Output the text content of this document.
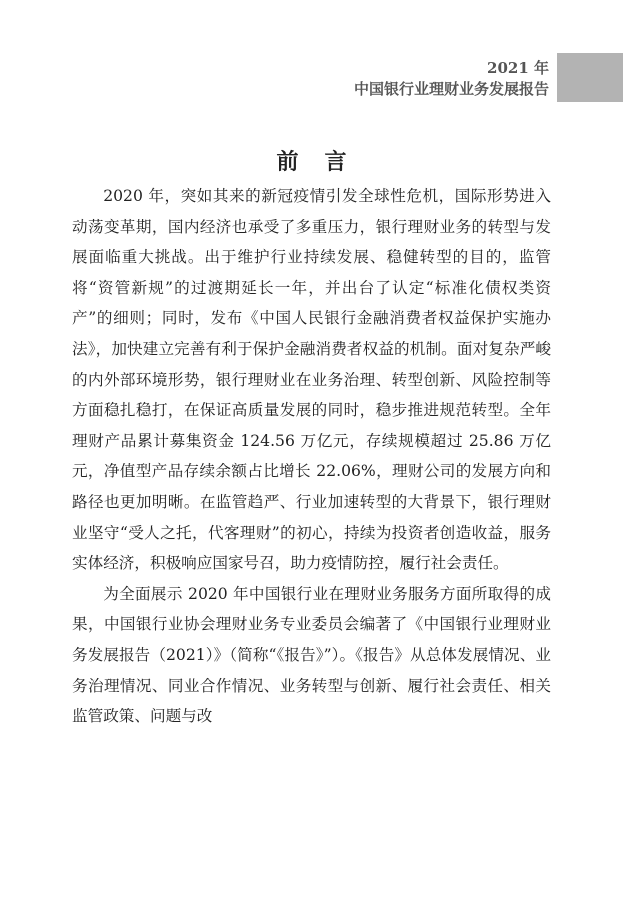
2021 年
中国银行业理财业务发展报告
前言

2020 年，突如其来的新冠疫情引发全球性危机，国际形势进入动荡变革期，国内经济也承受了多重压力，银行理财业务的转型与发展面临重大挑战。出于维护行业持续发展、稳健转型的目的，监管将“资管新规”的过渡期延长一年，并出台了认定“标准化债权类资产”的细则；同时，发布《中国人民银行金融消费者权益保护实施办法》，加快建立完善有利于保护金融消费者权益的机制。面对复杂严峻的内外部环境形势，银行理财业在业务治理、转型创新、风险控制等方面稳扎稳打，在保证高质量发展的同时，稳步推进规范转型。全年理财产品累计募集资金 124.56 万亿元，存续规模超过 25.86 万亿元，净值型产品存续余额占比增长 22.06%，理财公司的发展方向和路径也更加明晰。在监管趋严、行业加速转型的大背景下，银行理财业坚守“受人之托，代客理财”的初心，持续为投资者创造收益，服务实体经济，积极响应国家号召，助力疫情防控，履行社会责任。

为全面展示 2020 年中国银行业在理财业务服务方面所取得的成果，中国银行业协会理财业务专业委员会编著了《中国银行业理财业务发展报告（2021）》（简称“《报告》”）。《报告》从总体发展情况、业务治理情况、同业合作情况、业务转型与创新、履行社会责任、相关监管政策、问题与改
